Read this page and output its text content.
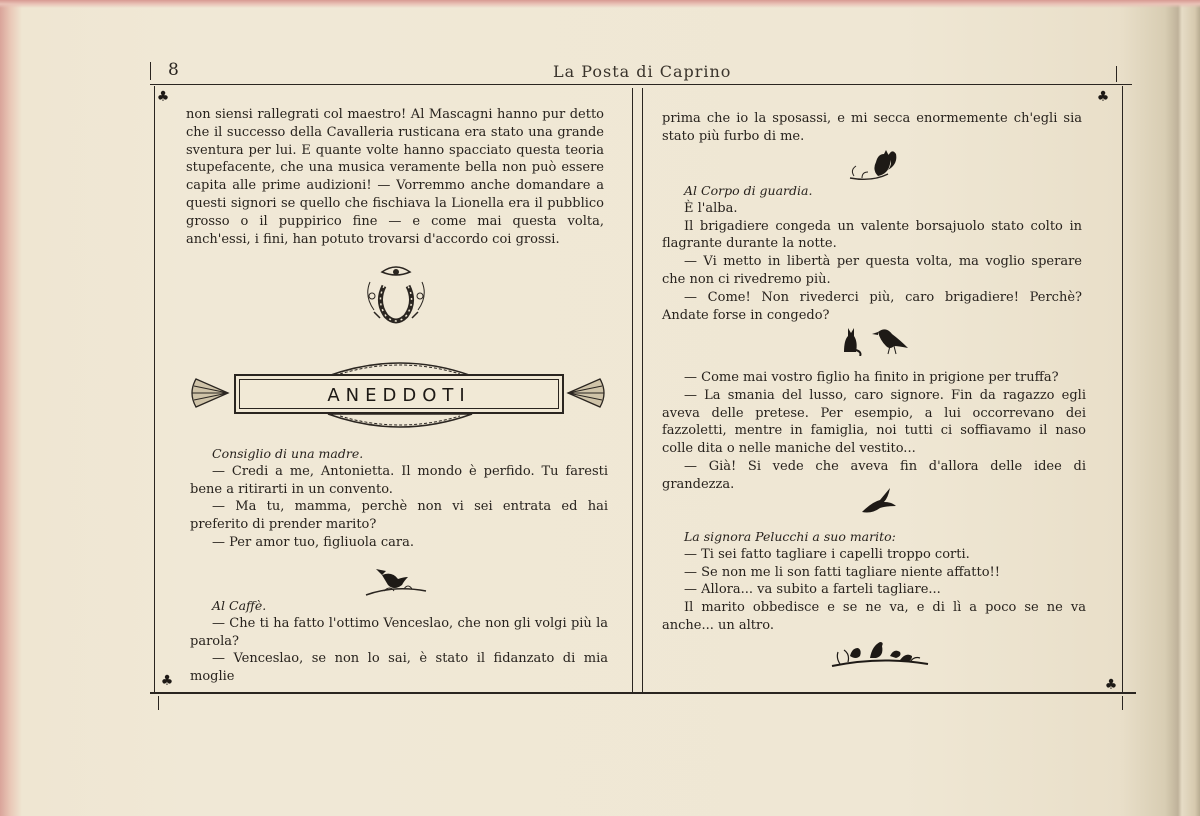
8	La Posta di Caprino
♣	♣
♣	♣

non siensi rallegrati col maestro! Al Mascagni hanno pur detto che il successo della Cavalleria rusticana era stato una grande sventura per lui. E quante volte hanno spacciato questa teoria stupefacente, che una musica veramente bella non può essere capita alle prime audizioni! — Vorremmo anche domandare a questi signori se quello che fischiava la Lionella era il pubblico grosso o il puppirico fine — e come mai questa volta, anch'essi, i fini, han potuto trovarsi d'accordo coi grossi.

ANEDDOTI

Consiglio di una madre.

— Credi a me, Antonietta. Il mondo è perfido. Tu faresti bene a ritirarti in un convento.

— Ma tu, mamma, perchè non vi sei entrata ed hai preferito di prender marito?

— Per amor tuo, figliuola cara.

Al Caffè.

— Che ti ha fatto l'ottimo Venceslao, che non gli volgi più la parola?

— Venceslao, se non lo sai, è stato il fidanzato di mia moglie

prima che io la sposassi, e mi secca enormemente ch'egli sia stato più furbo di me.

Al Corpo di guardia.

È l'alba.

Il brigadiere congeda un valente borsajuolo stato colto in flagrante durante la notte.

— Vi metto in libertà per questa volta, ma voglio sperare che non ci rivedremo più.

— Come! Non rivederci più, caro brigadiere! Perchè? Andate forse in congedo?

— Come mai vostro figlio ha finito in prigione per truffa?

— La smania del lusso, caro signore. Fin da ragazzo egli aveva delle pretese. Per esempio, a lui occorrevano dei fazzoletti, mentre in famiglia, noi tutti ci soffiavamo il naso colle dita o nelle maniche del vestito...

— Già! Si vede che aveva fin d'allora delle idee di grandezza.

La signora Pelucchi a suo marito:

— Ti sei fatto tagliare i capelli troppo corti.

— Se non me li son fatti tagliare niente affatto!!

— Allora... va subito a farteli tagliare...

Il marito obbedisce e se ne va, e di lì a poco se ne va anche... un altro.
